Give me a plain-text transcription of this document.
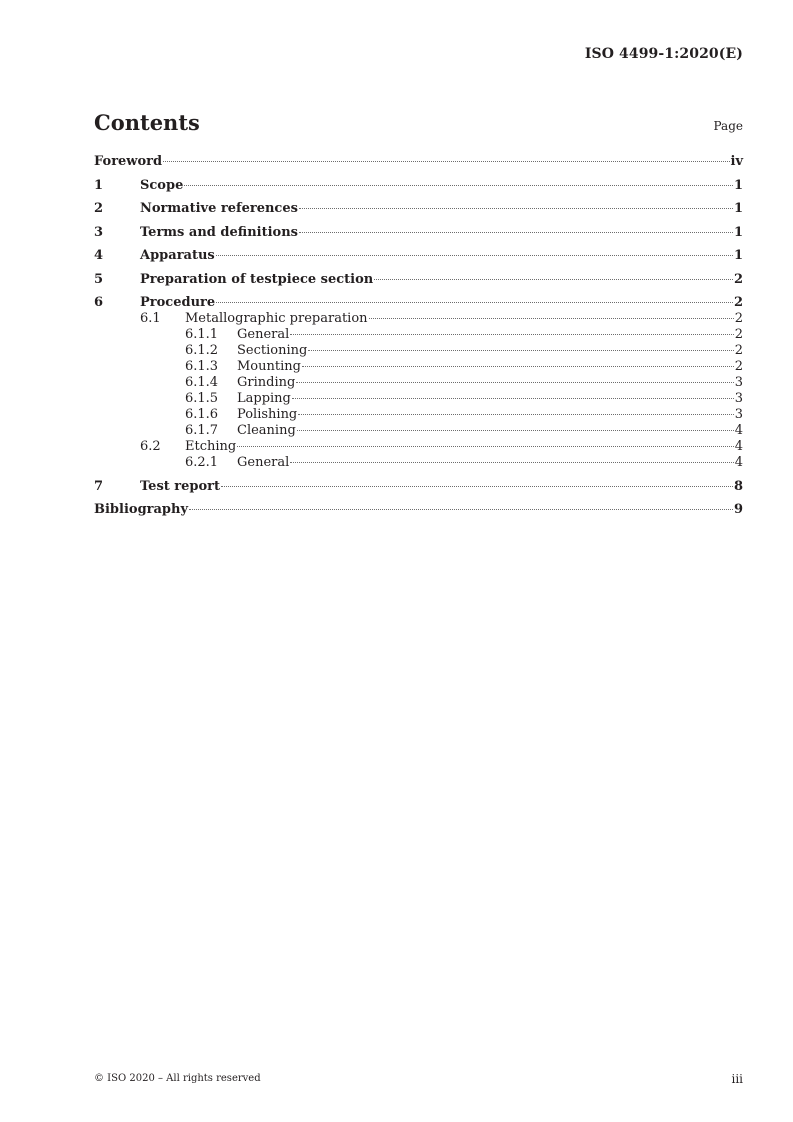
ISO 4499-1:2020(E)
Contents	Page
Foreword	iv
1	Scope	1
2	Normative references	1
3	Terms and definitions	1
4	Apparatus	1
5	Preparation of testpiece section	2
6	Procedure	2
6.1	Metallographic preparation	2
6.1.1	General	2
6.1.2	Sectioning	2
6.1.3	Mounting	2
6.1.4	Grinding	3
6.1.5	Lapping	3
6.1.6	Polishing	3
6.1.7	Cleaning	4
6.2	Etching	4
6.2.1	General	4
7	Test report	8
Bibliography	9
© ISO 2020 – All rights reserved	iii
